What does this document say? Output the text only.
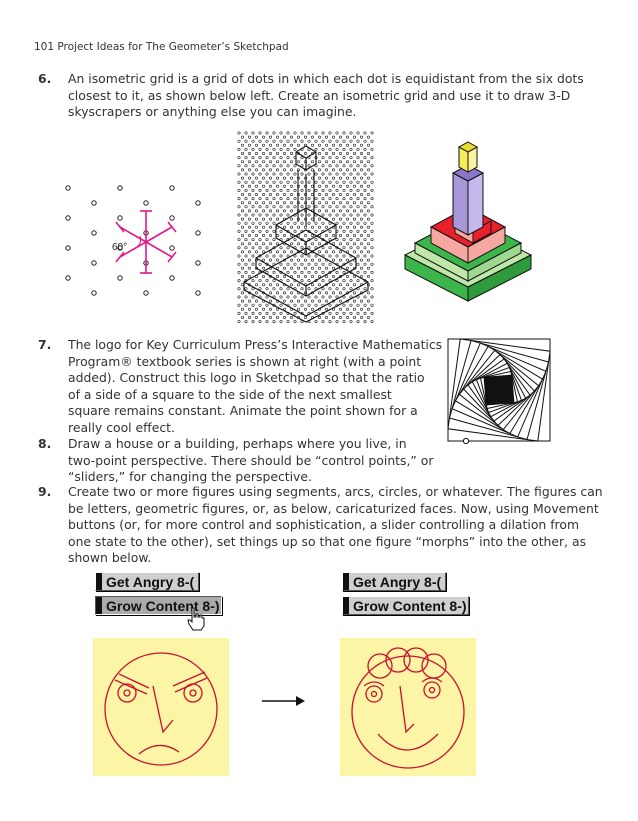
101 Project Ideas for The Geometer’s Sketchpad
6. An isometric grid is a grid of dots in which each dot is equidistant from the six dots
closest to it, as shown below left. Create an isometric grid and use it to draw 3-D
skyscrapers or anything else you can imagine.
60°
7. The logo for Key Curriculum Press’s Interactive Mathematics
Program® textbook series is shown at right (with a point
added). Construct this logo in Sketchpad so that the ratio
of a side of a square to the side of the next smallest
square remains constant. Animate the point shown for a
really cool effect.
8. Draw a house or a building, perhaps where you live, in
two-point perspective. There should be “control points,” or
“sliders,” for changing the perspective.
9. Create two or more figures using segments, arcs, circles, or whatever. The figures can
be letters, geometric figures, or, as below, caricaturized faces. Now, using Movement
buttons (or, for more control and sophistication, a slider controlling a dilation from
one state to the other), set things up so that one figure “morphs” into the other, as
shown below.
Get Angry 8-(
Grow Content 8-)
Get Angry 8-(
Grow Content 8-)
